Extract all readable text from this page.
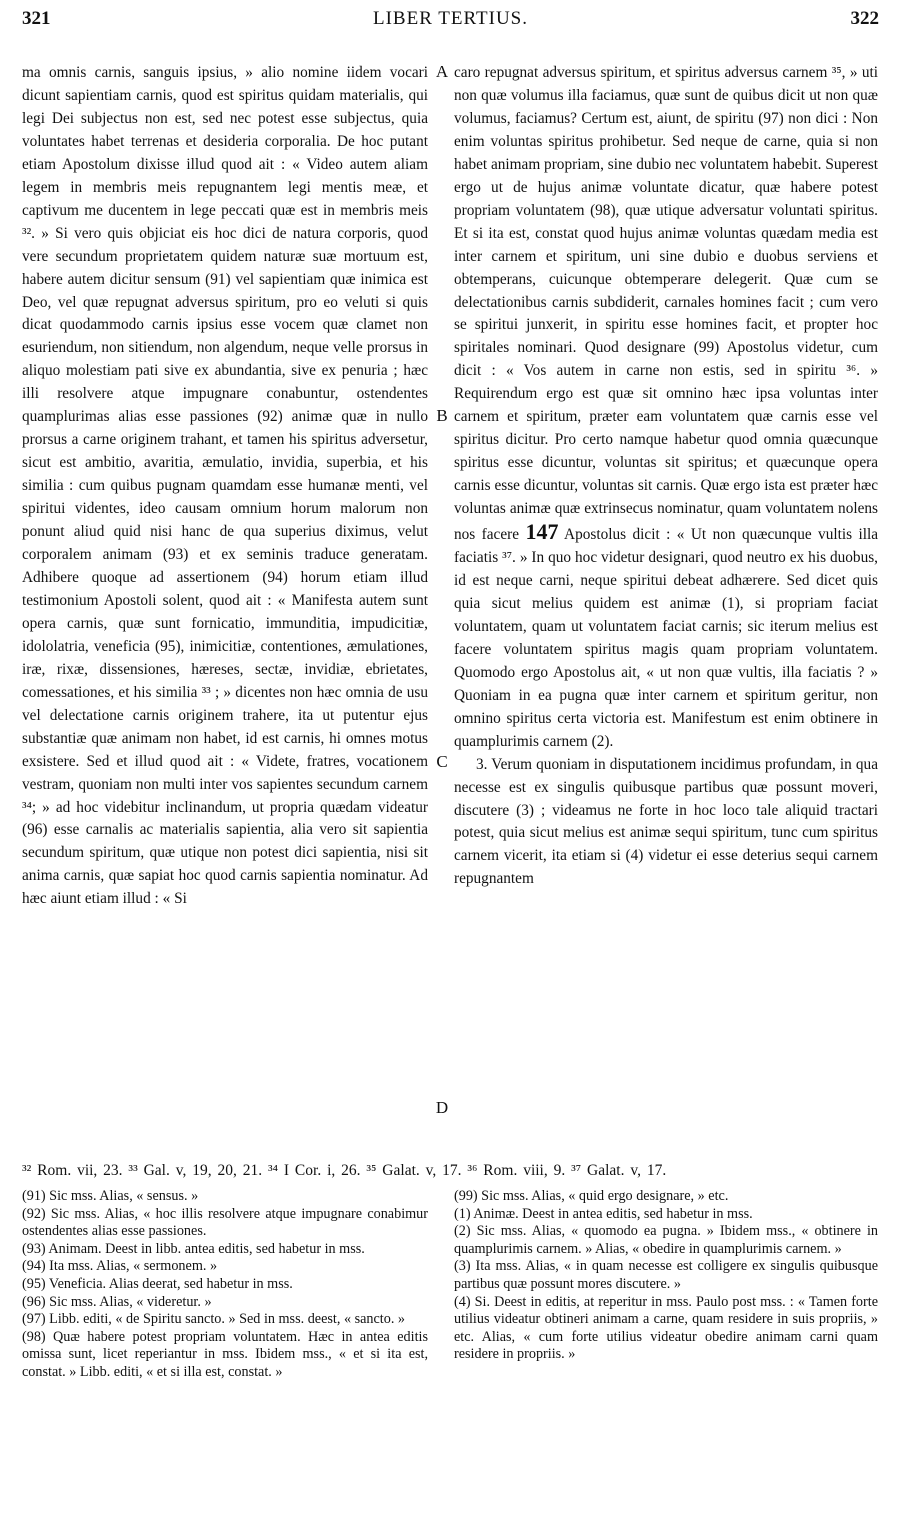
321	LIBER TERTIUS.	322

ma omnis carnis, sanguis ipsius, » alio nomine iidem vocari dicunt sapientiam carnis, quod est spiritus quidam materialis, qui legi Dei subjectus non est, sed nec potest esse subjectus, quia voluntates habet terrenas et desideria corporalia. De hoc putant etiam Apostolum dixisse illud quod ait : « Video autem aliam legem in membris meis repugnantem legi mentis meæ, et captivum me ducentem in lege peccati quæ est in membris meis ³². » Si vero quis objiciat eis hoc dici de natura corporis, quod vere secundum proprietatem quidem naturæ suæ mortuum est, habere autem dicitur sensum (91) vel sapientiam quæ inimica est Deo, vel quæ repugnat adversus spiritum, pro eo veluti si quis dicat quodammodo carnis ipsius esse vocem quæ clamet non esuriendum, non sitiendum, non algendum, neque velle prorsus in aliquo molestiam pati sive ex abundantia, sive ex penuria ; hæc illi resolvere atque impugnare conabuntur, ostendentes quamplurimas alias esse passiones (92) animæ quæ in nullo prorsus a carne originem trahant, et tamen his spiritus adversetur, sicut est ambitio, avaritia, æmulatio, invidia, superbia, et his similia : cum quibus pugnam quamdam esse humanæ menti, vel spiritui videntes, ideo causam omnium horum malorum non ponunt aliud quid nisi hanc de qua superius diximus, velut corporalem animam (93) et ex seminis traduce generatam. Adhibere quoque ad assertionem (94) horum etiam illud testimonium Apostoli solent, quod ait : « Manifesta autem sunt opera carnis, quæ sunt fornicatio, immunditia, impudicitiæ, idololatria, veneficia (95), inimicitiæ, contentiones, æmulationes, iræ, rixæ, dissensiones, hæreses, sectæ, invidiæ, ebrietates, comessationes, et his similia ³³ ; » dicentes non hæc omnia de usu vel delectatione carnis originem trahere, ita ut putentur ejus substantiæ quæ animam non habet, id est carnis, hi omnes motus exsistere. Sed et illud quod ait : « Videte, fratres, vocationem vestram, quoniam non multi inter vos sapientes secundum carnem ³⁴; » ad hoc videbitur inclinandum, ut propria quædam videatur (96) esse carnalis ac materialis sapientia, alia vero sit sapientia secundum spiritum, quæ utique non potest dici sapientia, nisi sit anima carnis, quæ sapiat hoc quod carnis sapientia nominatur. Ad hæc aiunt etiam illud : « Si

A
B
C
D

caro repugnat adversus spiritum, et spiritus adversus carnem ³⁵, » uti non quæ volumus illa faciamus, quæ sunt de quibus dicit ut non quæ volumus, faciamus? Certum est, aiunt, de spiritu (97) non dici : Non enim voluntas spiritus prohibetur. Sed neque de carne, quia si non habet animam propriam, sine dubio nec voluntatem habebit. Superest ergo ut de hujus animæ voluntate dicatur, quæ habere potest propriam voluntatem (98), quæ utique adversatur voluntati spiritus. Et si ita est, constat quod hujus animæ voluntas quædam media est inter carnem et spiritum, uni sine dubio e duobus serviens et obtemperans, cuicunque obtemperare delegerit. Quæ cum se delectationibus carnis subdiderit, carnales homines facit ; cum vero se spiritui junxerit, in spiritu esse homines facit, et propter hoc spiritales nominari. Quod designare (99) Apostolus videtur, cum dicit : « Vos autem in carne non estis, sed in spiritu ³⁶. » Requirendum ergo est quæ sit omnino hæc ipsa voluntas inter carnem et spiritum, præter eam voluntatem quæ carnis esse vel spiritus dicitur. Pro certo namque habetur quod omnia quæcunque spiritus esse dicuntur, voluntas sit spiritus; et quæcunque opera carnis esse dicuntur, voluntas sit carnis. Quæ ergo ista est præter hæc voluntas animæ quæ extrinsecus nominatur, quam voluntatem nolens nos facere 147 Apostolus dicit : « Ut non quæcunque vultis illa faciatis ³⁷. » In quo hoc videtur designari, quod neutro ex his duobus, id est neque carni, neque spiritui debeat adhærere. Sed dicet quis quia sicut melius quidem est animæ (1), si propriam faciat voluntatem, quam ut voluntatem faciat carnis; sic iterum melius est facere voluntatem spiritus magis quam propriam voluntatem. Quomodo ergo Apostolus ait, « ut non quæ vultis, illa faciatis ? » Quoniam in ea pugna quæ inter carnem et spiritum geritur, non omnino spiritus certa victoria est. Manifestum est enim obtinere in quamplurimis carnem (2).

3. Verum quoniam in disputationem incidimus profundam, in qua necesse est ex singulis quibusque partibus quæ possunt moveri, discutere (3) ; videamus ne forte in hoc loco tale aliquid tractari potest, quia sicut melius est animæ sequi spiritum, tunc cum spiritus carnem vicerit, ita etiam si (4) videtur ei esse deterius sequi carnem repugnantem

³² Rom. vii, 23. ³³ Gal. v, 19, 20, 21. ³⁴ I Cor. i, 26. ³⁵ Galat. v, 17. ³⁶ Rom. viii, 9. ³⁷ Galat. v, 17.

(91) Sic mss. Alias, « sensus. »

(92) Sic mss. Alias, « hoc illis resolvere atque impugnare conabimur ostendentes alias esse passiones.

(93) Animam. Deest in libb. antea editis, sed habetur in mss.

(94) Ita mss. Alias, « sermonem. »

(95) Veneficia. Alias deerat, sed habetur in mss.

(96) Sic mss. Alias, « videretur. »

(97) Libb. editi, « de Spiritu sancto. » Sed in mss. deest, « sancto. »

(98) Quæ habere potest propriam voluntatem. Hæc in antea editis omissa sunt, licet reperiantur in mss. Ibidem mss., « et si ita est, constat. » Libb. editi, « et si illa est, constat. »

(99) Sic mss. Alias, « quid ergo designare, » etc.

(1) Animæ. Deest in antea editis, sed habetur in mss.

(2) Sic mss. Alias, « quomodo ea pugna. » Ibidem mss., « obtinere in quamplurimis carnem. » Alias, « obedire in quamplurimis carnem. »

(3) Ita mss. Alias, « in quam necesse est colligere ex singulis quibusque partibus quæ possunt mores discutere. »

(4) Si. Deest in editis, at reperitur in mss. Paulo post mss. : « Tamen forte utilius videatur obtineri animam a carne, quam residere in suis propriis, » etc. Alias, « cum forte utilius videatur obedire animam carni quam residere in propriis. »
